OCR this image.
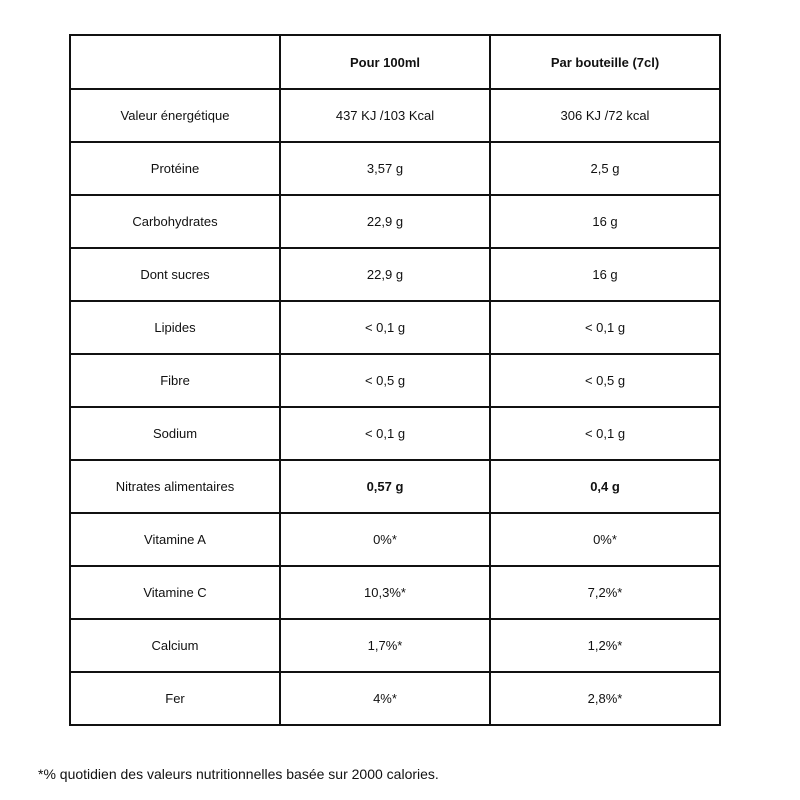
	Pour 100ml	Par bouteille (7cl)
Valeur énergétique	437 KJ /103 Kcal	306 KJ /72 kcal
Protéine	3,57 g	2,5 g
Carbohydrates	22,9 g	16 g
Dont sucres	22,9 g	16 g
Lipides	< 0,1 g	< 0,1 g
Fibre	< 0,5 g	< 0,5 g
Sodium	< 0,1 g	< 0,1 g
Nitrates alimentaires	0,57 g	0,4 g
Vitamine A	0%*	0%*
Vitamine C	10,3%*	7,2%*
Calcium	1,7%*	1,2%*
Fer	4%*	2,8%*
*% quotidien des valeurs nutritionnelles basée sur 2000 calories.
